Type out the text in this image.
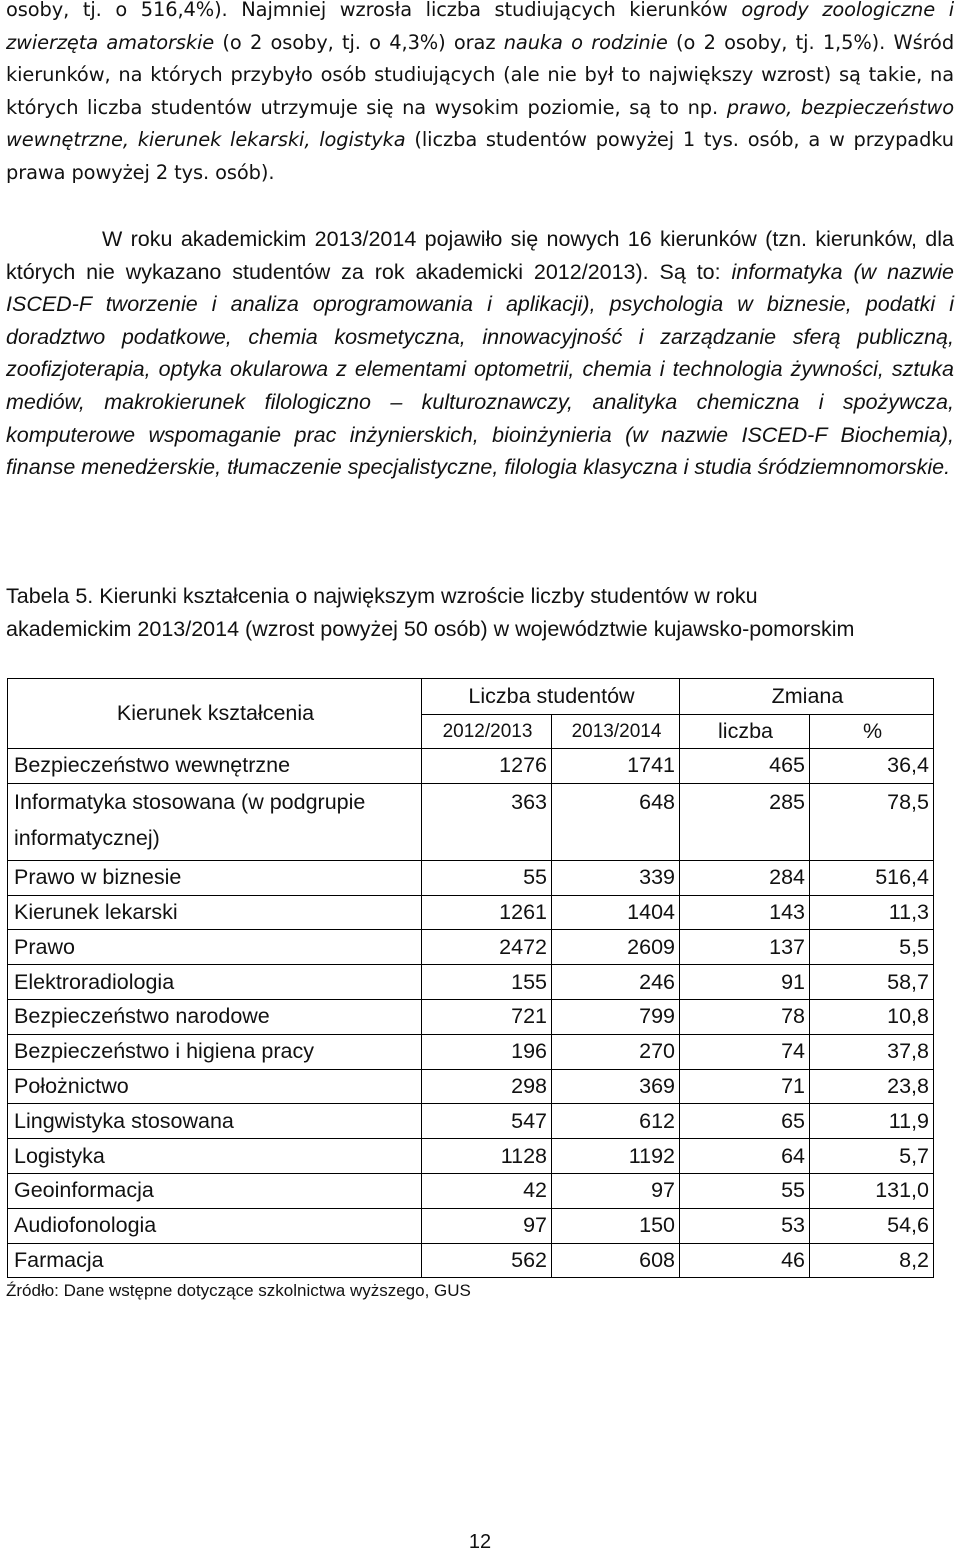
osoby, tj. o 516,4%). Najmniej wzrosła liczba studiujących kierunków ogrody zoologiczne i zwierzęta amatorskie (o 2 osoby, tj. o 4,3%) oraz nauka o rodzinie (o 2 osoby, tj. 1,5%). Wśród kierunków, na których przybyło osób studiujących (ale nie był to największy wzrost) są takie, na których liczba studentów utrzymuje się na wysokim poziomie, są to np. prawo, bezpieczeństwo wewnętrzne, kierunek lekarski, logistyka (liczba studentów powyżej 1 tys. osób, a w przypadku prawa powyżej 2 tys. osób).

W roku akademickim 2013/2014 pojawiło się nowych 16 kierunków (tzn. kierunków, dla których nie wykazano studentów za rok akademicki 2012/2013). Są to: informatyka (w nazwie ISCED-F tworzenie i analiza oprogramowania i aplikacji), psychologia w biznesie, podatki i doradztwo podatkowe, chemia kosmetyczna, innowacyjność i zarządzanie sferą publiczną, zoofizjoterapia, optyka okularowa z elementami optometrii, chemia i technologia żywności, sztuka mediów, makrokierunek filologiczno – kulturoznawczy, analityka chemiczna i spożywcza, komputerowe wspomaganie prac inżynierskich, bioinżynieria (w nazwie ISCED-F Biochemia), finanse menedżerskie, tłumaczenie specjalistyczne, filologia klasyczna i studia śródziemnomorskie.

Tabela 5. Kierunki kształcenia o największym wzroście liczby studentów w roku akademickim 2013/2014 (wzrost powyżej 50 osób) w województwie kujawsko-pomorskim

Kierunek kształcenia	Liczba studentów		Zmiana	
	2012/2013	2013/2014	liczba	%
Bezpieczeństwo wewnętrzne	1276	1741	465	36,4
Informatyka stosowana (w podgrupie informatycznej)	363	648	285	78,5
Prawo w biznesie	55	339	284	516,4
Kierunek lekarski	1261	1404	143	11,3
Prawo	2472	2609	137	5,5
Elektroradiologia	155	246	91	58,7
Bezpieczeństwo narodowe	721	799	78	10,8
Bezpieczeństwo i higiena pracy	196	270	74	37,8
Położnictwo	298	369	71	23,8
Lingwistyka stosowana	547	612	65	11,9
Logistyka	1128	1192	64	5,7
Geoinformacja	42	97	55	131,0
Audiofonologia	97	150	53	54,6
Farmacja	562	608	46	8,2

Źródło: Dane wstępne dotyczące szkolnictwa wyższego, GUS

12
